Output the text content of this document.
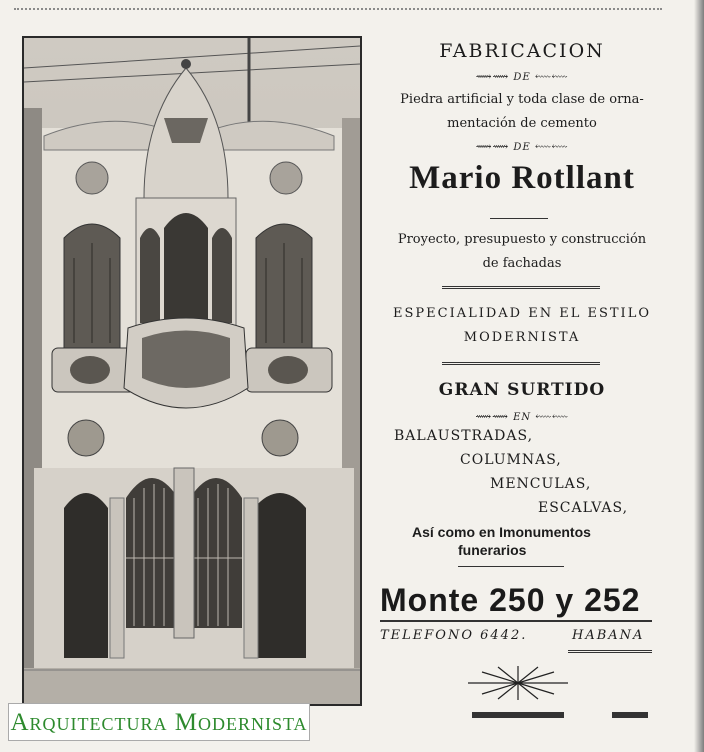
Arquitectura Modernista
FABRICACION
⟿⟿ DE ⬳⬳
Piedra artificial y toda clase de orna-
mentación de cemento
⟿⟿ DE ⬳⬳
Mario Rotllant
Proyecto, presupuesto y construcción
de fachadas
ESPECIALIDAD EN EL ESTILO
MODERNISTA
GRAN SURTIDO
⟿⟿ EN ⬳⬳
BALAUSTRADAS,
COLUMNAS,
MENCULAS,
ESCALVAS,
Así como en Imonumentos
funerarios
Monte 250 y 252
TELEFONO 6442.	HABANA
